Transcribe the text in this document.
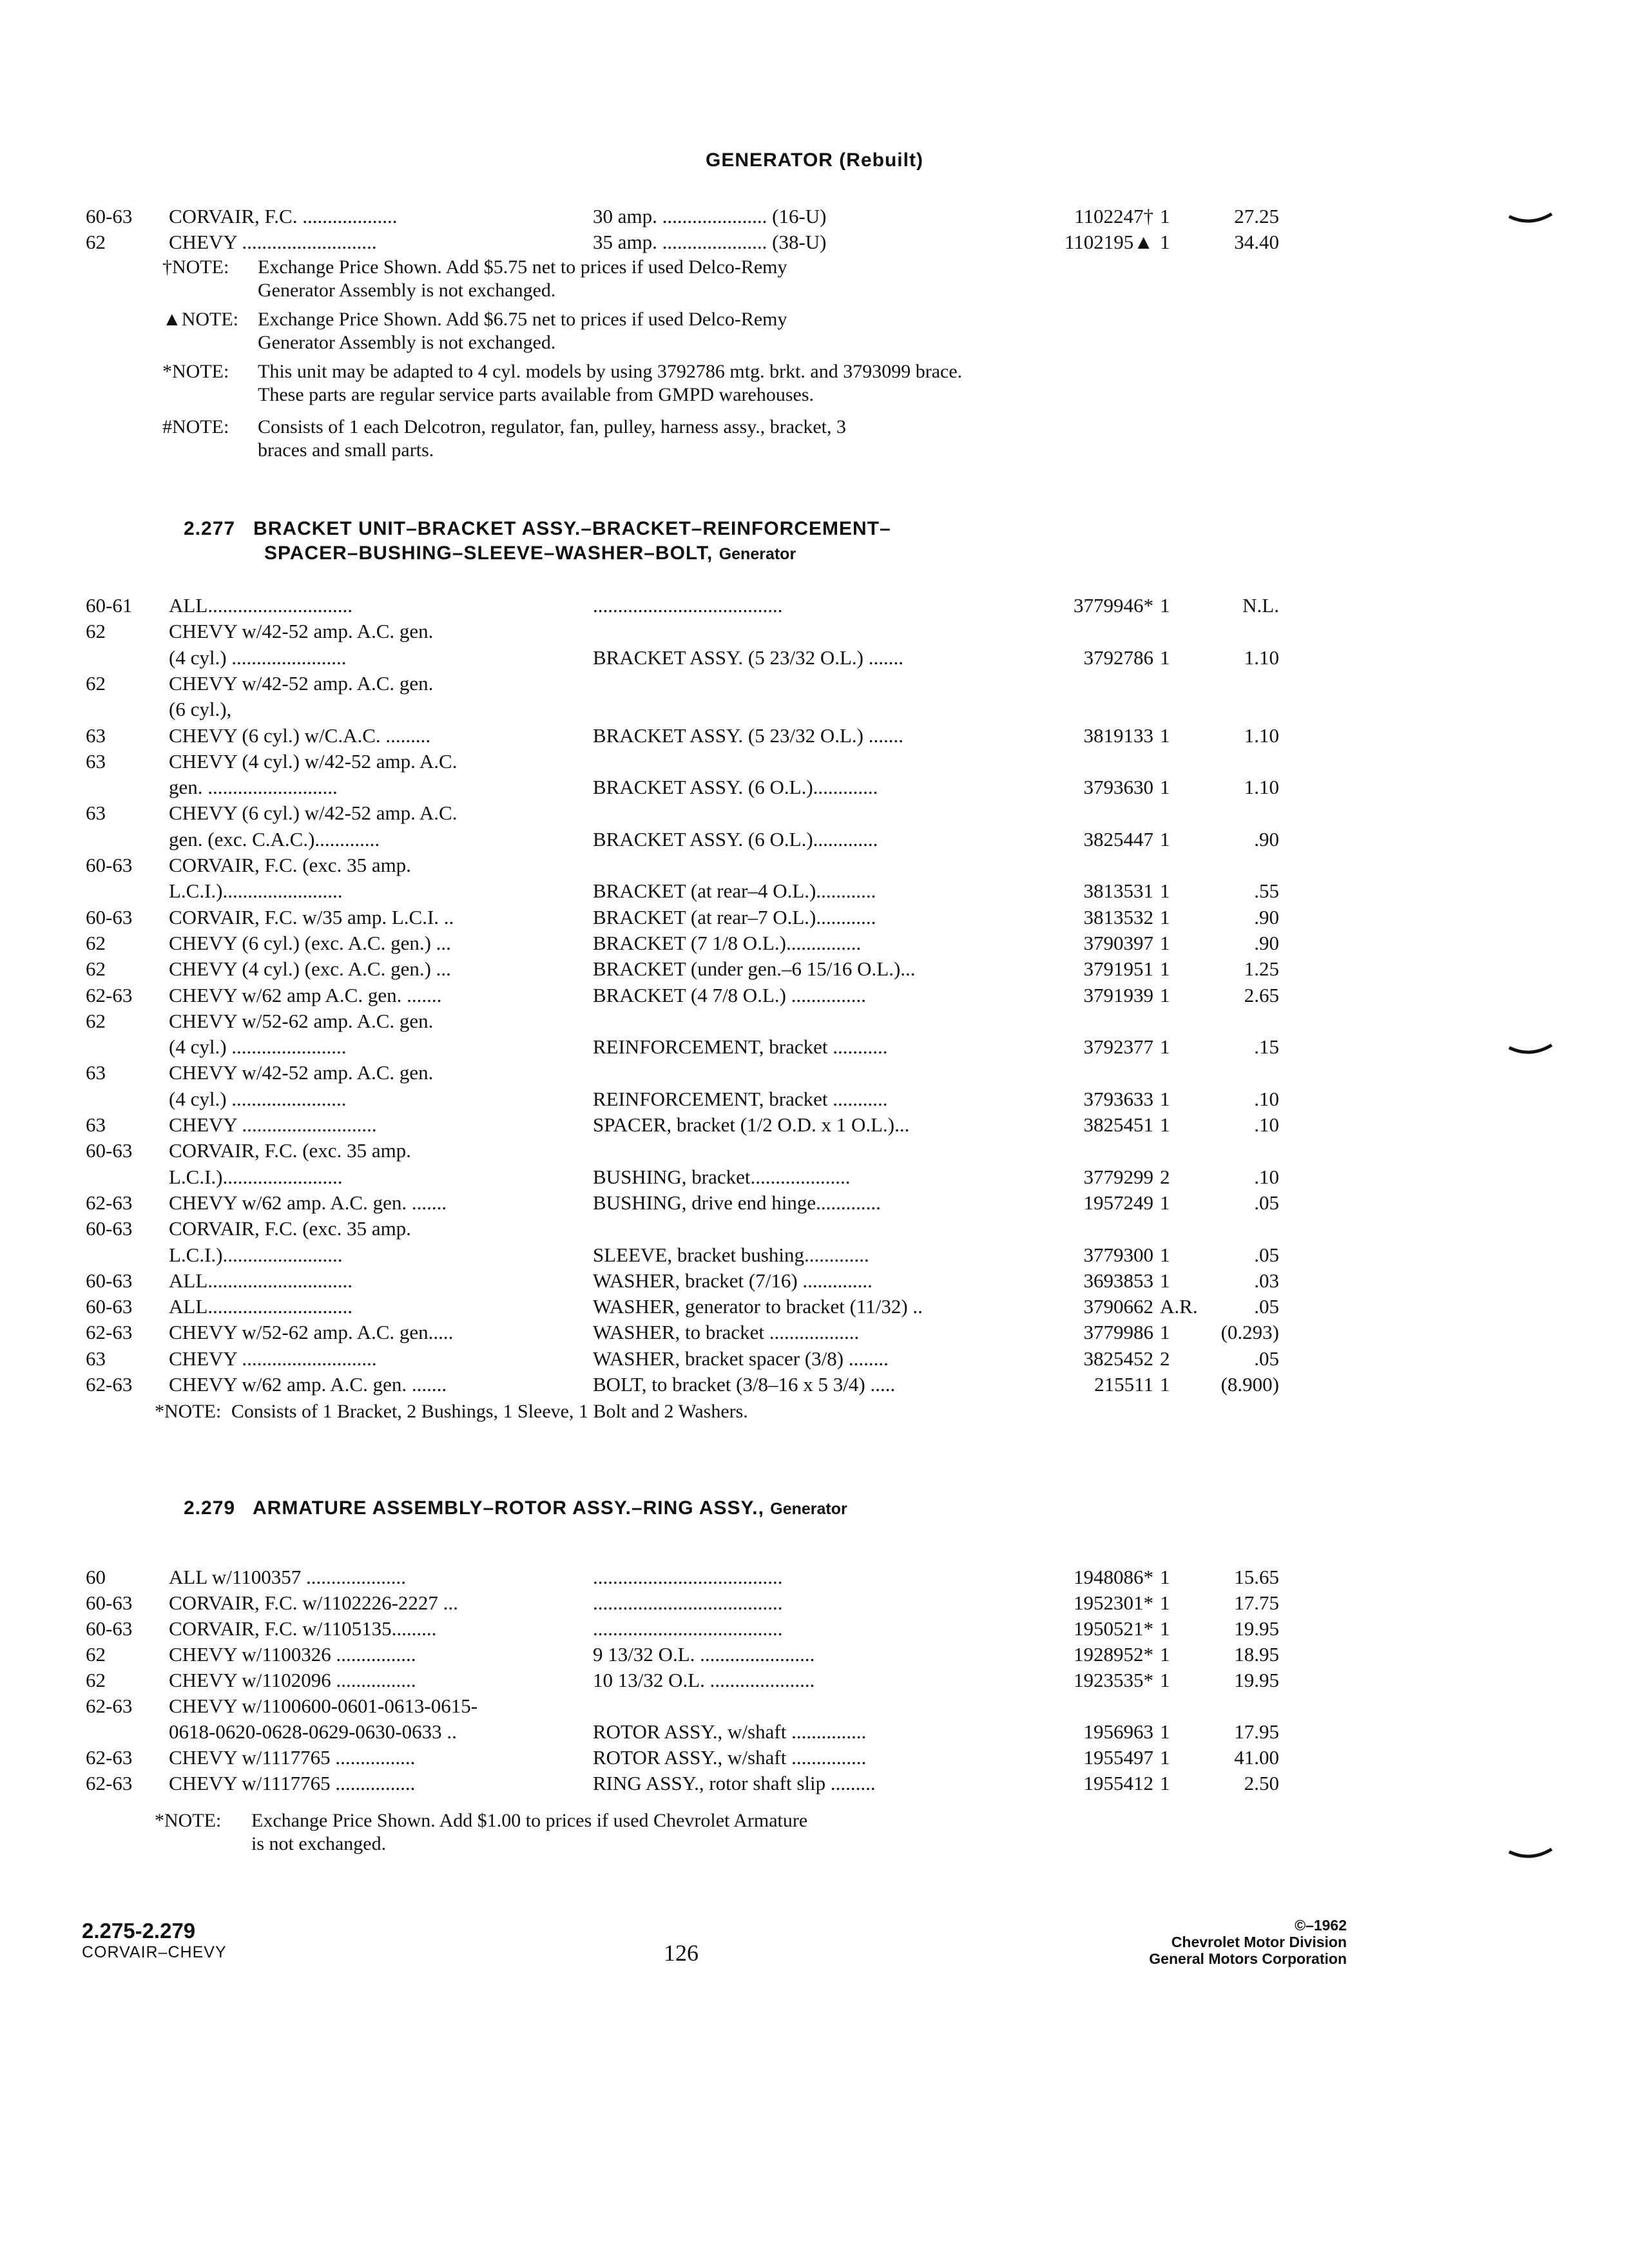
GENERATOR (Rebuilt)
60-63	CORVAIR, F.C. ...................	30 amp. ..................... (16-U)	1102247† 1	27.25
62	CHEVY ...........................	35 amp. ..................... (38-U)	1102195▲ 1	34.40
†NOTE: Exchange Price Shown. Add $5.75 net to prices if used Delco-Remy
Generator Assembly is not exchanged.
▲NOTE: Exchange Price Shown. Add $6.75 net to prices if used Delco-Remy
Generator Assembly is not exchanged.
*NOTE: This unit may be adapted to 4 cyl. models by using 3792786 mtg. brkt. and 3793099 brace.
These parts are regular service parts available from GMPD warehouses.
#NOTE: Consists of 1 each Delcotron, regulator, fan, pulley, harness assy., bracket, 3
braces and small parts.
2.277 BRACKET UNIT–BRACKET ASSY.–BRACKET–REINFORCEMENT–
SPACER–BUSHING–SLEEVE–WASHER–BOLT, Generator
60-61	ALL.............................	......................................	3779946* 1	N.L.
62	CHEVY w/42-52 amp. A.C. gen.
(4 cyl.) .......................	BRACKET ASSY. (5 23/32 O.L.) .......	3792786 1	1.10
62	CHEVY w/42-52 amp. A.C. gen.
(6 cyl.),
63	CHEVY (6 cyl.) w/C.A.C. .........	BRACKET ASSY. (5 23/32 O.L.) .......	3819133 1	1.10
63	CHEVY (4 cyl.) w/42-52 amp. A.C.
gen. ..........................	BRACKET ASSY. (6 O.L.).............	3793630 1	1.10
63	CHEVY (6 cyl.) w/42-52 amp. A.C.
gen. (exc. C.A.C.).............	BRACKET ASSY. (6 O.L.).............	3825447 1	.90
60-63	CORVAIR, F.C. (exc. 35 amp.
L.C.I.)........................	BRACKET (at rear–4 O.L.)............	3813531 1	.55
60-63	CORVAIR, F.C. w/35 amp. L.C.I. ..	BRACKET (at rear–7 O.L.)............	3813532 1	.90
62	CHEVY (6 cyl.) (exc. A.C. gen.) ...	BRACKET (7 1/8 O.L.)...............	3790397 1	.90
62	CHEVY (4 cyl.) (exc. A.C. gen.) ...	BRACKET (under gen.–6 15/16 O.L.)...	3791951 1	1.25
62-63	CHEVY w/62 amp A.C. gen. .......	BRACKET (4 7/8 O.L.) ...............	3791939 1	2.65
62	CHEVY w/52-62 amp. A.C. gen.
(4 cyl.) .......................	REINFORCEMENT, bracket ...........	3792377 1	.15
63	CHEVY w/42-52 amp. A.C. gen.
(4 cyl.) .......................	REINFORCEMENT, bracket ...........	3793633 1	.10
63	CHEVY ...........................	SPACER, bracket (1/2 O.D. x 1 O.L.)...	3825451 1	.10
60-63	CORVAIR, F.C. (exc. 35 amp.
L.C.I.)........................	BUSHING, bracket....................	3779299 2	.10
62-63	CHEVY w/62 amp. A.C. gen. .......	BUSHING, drive end hinge.............	1957249 1	.05
60-63	CORVAIR, F.C. (exc. 35 amp.
L.C.I.)........................	SLEEVE, bracket bushing.............	3779300 1	.05
60-63	ALL.............................	WASHER, bracket (7/16) ..............	3693853 1	.03
60-63	ALL.............................	WASHER, generator to bracket (11/32) ..	3790662 A.R.	.05
62-63	CHEVY w/52-62 amp. A.C. gen.....	WASHER, to bracket ..................	3779986 1	(0.293)
63	CHEVY ...........................	WASHER, bracket spacer (3/8) ........	3825452 2	.05
62-63	CHEVY w/62 amp. A.C. gen. .......	BOLT, to bracket (3/8–16 x 5 3/4) .....	215511 1	(8.900)
*NOTE: Consists of 1 Bracket, 2 Bushings, 1 Sleeve, 1 Bolt and 2 Washers.
2.279 ARMATURE ASSEMBLY–ROTOR ASSY.–RING ASSY., Generator
60	ALL w/1100357 ....................	......................................	1948086* 1	15.65
60-63	CORVAIR, F.C. w/1102226-2227 ...	......................................	1952301* 1	17.75
60-63	CORVAIR, F.C. w/1105135.........	......................................	1950521* 1	19.95
62	CHEVY w/1100326 ................	9 13/32 O.L. .......................	1928952* 1	18.95
62	CHEVY w/1102096 ................	10 13/32 O.L. .....................	1923535* 1	19.95
62-63	CHEVY w/1100600-0601-0613-0615-
0618-0620-0628-0629-0630-0633 ..	ROTOR ASSY., w/shaft ...............	1956963 1	17.95
62-63	CHEVY w/1117765 ................	ROTOR ASSY., w/shaft ...............	1955497 1	41.00
62-63	CHEVY w/1117765 ................	RING ASSY., rotor shaft slip .........	1955412 1	2.50
*NOTE: Exchange Price Shown. Add $1.00 to prices if used Chevrolet Armature
is not exchanged.
2.275-2.279
CORVAIR–CHEVY	126
©–1962
Chevrolet Motor Division
General Motors Corporation
